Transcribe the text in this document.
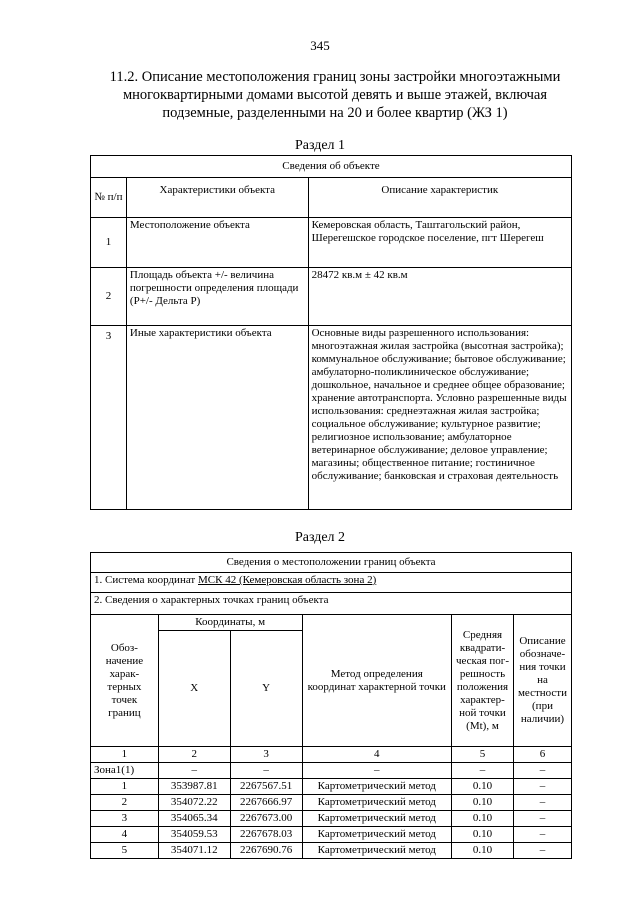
345
11.2. Описание местоположения границ зоны застройки многоэтажными многоквартирными домами высотой девять и выше этажей, включая подземные, разделенными на 20 и более квартир (ЖЗ 1)
Раздел 1
Сведения об объекте		
№ п/п	Характеристики объекта	Описание характеристик
1	Местоположение объекта	Кемеровская область, Таштагольский район, Шерегешское городское поселение, пгт Шерегеш
2	Площадь объекта +/- величина погрешности определения площади (Р+/- Дельта Р)	28472 кв.м ± 42 кв.м
3	Иные характеристики объекта	Основные виды разрешенного использования: многоэтажная жилая застройка (высотная застройка); коммунальное обслуживание; бытовое обслуживание; амбулаторно-поликлиническое обслуживание; дошкольное, начальное и среднее общее образование; хранение автотранспорта. Условно разрешенные виды использования: среднеэтажная жилая застройка; социальное обслуживание; культурное развитие; религиозное использование; амбулаторное ветеринарное обслуживание; деловое управление; магазины; общественное питание; гостиничное обслуживание; банковская и страховая деятельность
Раздел 2
Сведения о местоположении границ объекта					
1. Система координат МСК 42 (Кемеровская область зона 2)					
2. Сведения о характерных точках границ объекта					
Обоз-начение харак-терных точек границ	Координаты, м		Метод определения координат характерной точки	Средняя квадрати-ческая пог-решность положения характер-ной точки (Mt), м	Описание обозначе-ния точки на местности (при наличии)
	X	Y			
1	2	3	4	5	6
Зона1(1)	–	–	–	–	–
1	353987.81	2267567.51	Картометрический метод	0.10	–
2	354072.22	2267666.97	Картометрический метод	0.10	–
3	354065.34	2267673.00	Картометрический метод	0.10	–
4	354059.53	2267678.03	Картометрический метод	0.10	–
5	354071.12	2267690.76	Картометрический метод	0.10	–
